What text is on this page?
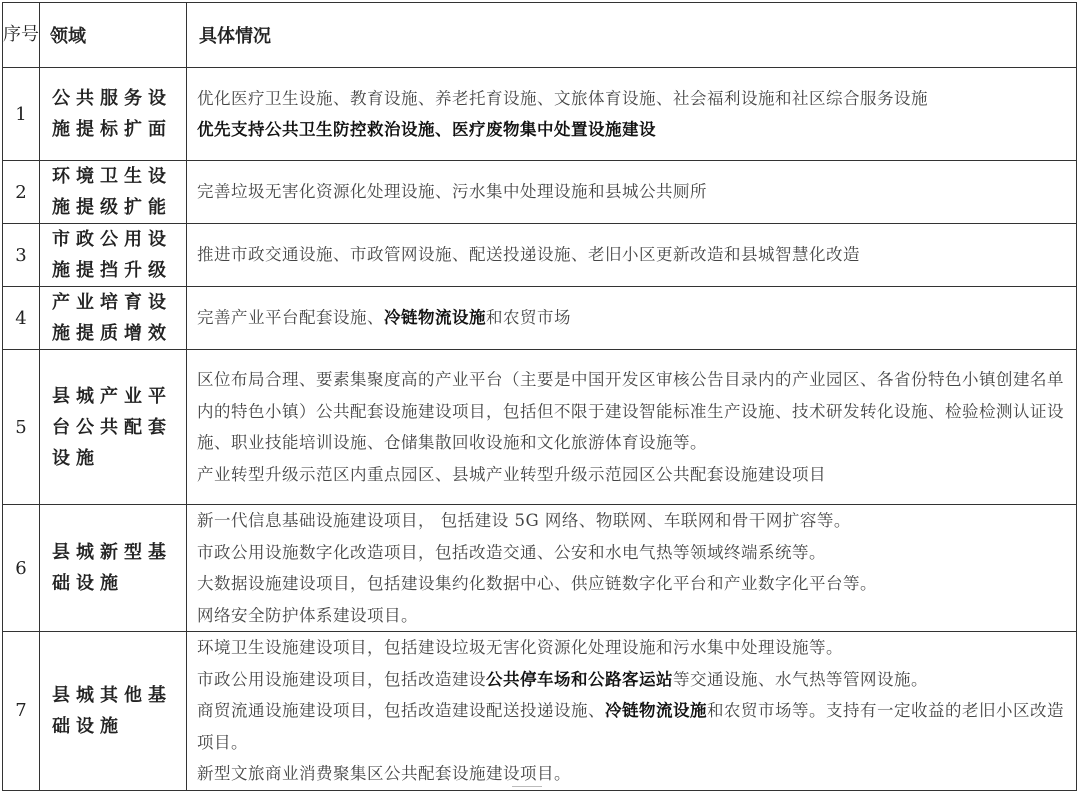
序号	领域	具体情况
1	公共服务设施提标扩面	优化医疗卫生设施、教育设施、养老托育设施、文旅体育设施、社会福利设施和社区综合服务设施
优先支持公共卫生防控救治设施、医疗废物集中处置设施建设

2	环境卫生设施提级扩能	完善垃圾无害化资源化处理设施、污水集中处理设施和县城公共厕所

3	市政公用设施提挡升级	推进市政交通设施、市政管网设施、配送投递设施、老旧小区更新改造和县城智慧化改造

4	产业培育设施提质增效	完善产业平台配套设施、冷链物流设施和农贸市场

5	县城产业平台公共配套设施	区位布局合理、要素集聚度高的产业平台（主要是中国开发区审核公告目录内的产业园区、各省份特色小镇创建名单内的特色小镇）公共配套设施建设项目，包括但不限于建设智能标准生产设施、技术研发转化设施、检验检测认证设施、职业技能培训设施、仓储集散回收设施和文化旅游体育设施等。
产业转型升级示范区内重点园区、县城产业转型升级示范园区公共配套设施建设项目

6	县城新型基础设施	新一代信息基础设施建设项目， 包括建设 5G 网络、物联网、车联网和骨干网扩容等。
市政公用设施数字化改造项目，包括改造交通、公安和水电气热等领域终端系统等。
大数据设施建设项目，包括建设集约化数据中心、供应链数字化平台和产业数字化平台等。
网络安全防护体系建设项目。

7	县城其他基础设施	环境卫生设施建设项目，包括建设垃圾无害化资源化处理设施和污水集中处理设施等。
市政公用设施建设项目，包括改造建设公共停车场和公路客运站等交通设施、水气热等管网设施。
商贸流通设施建设项目，包括改造建设配送投递设施、冷链物流设施和农贸市场等。支持有一定收益的老旧小区改造项目。
新型文旅商业消费聚集区公共配套设施建设项目。
